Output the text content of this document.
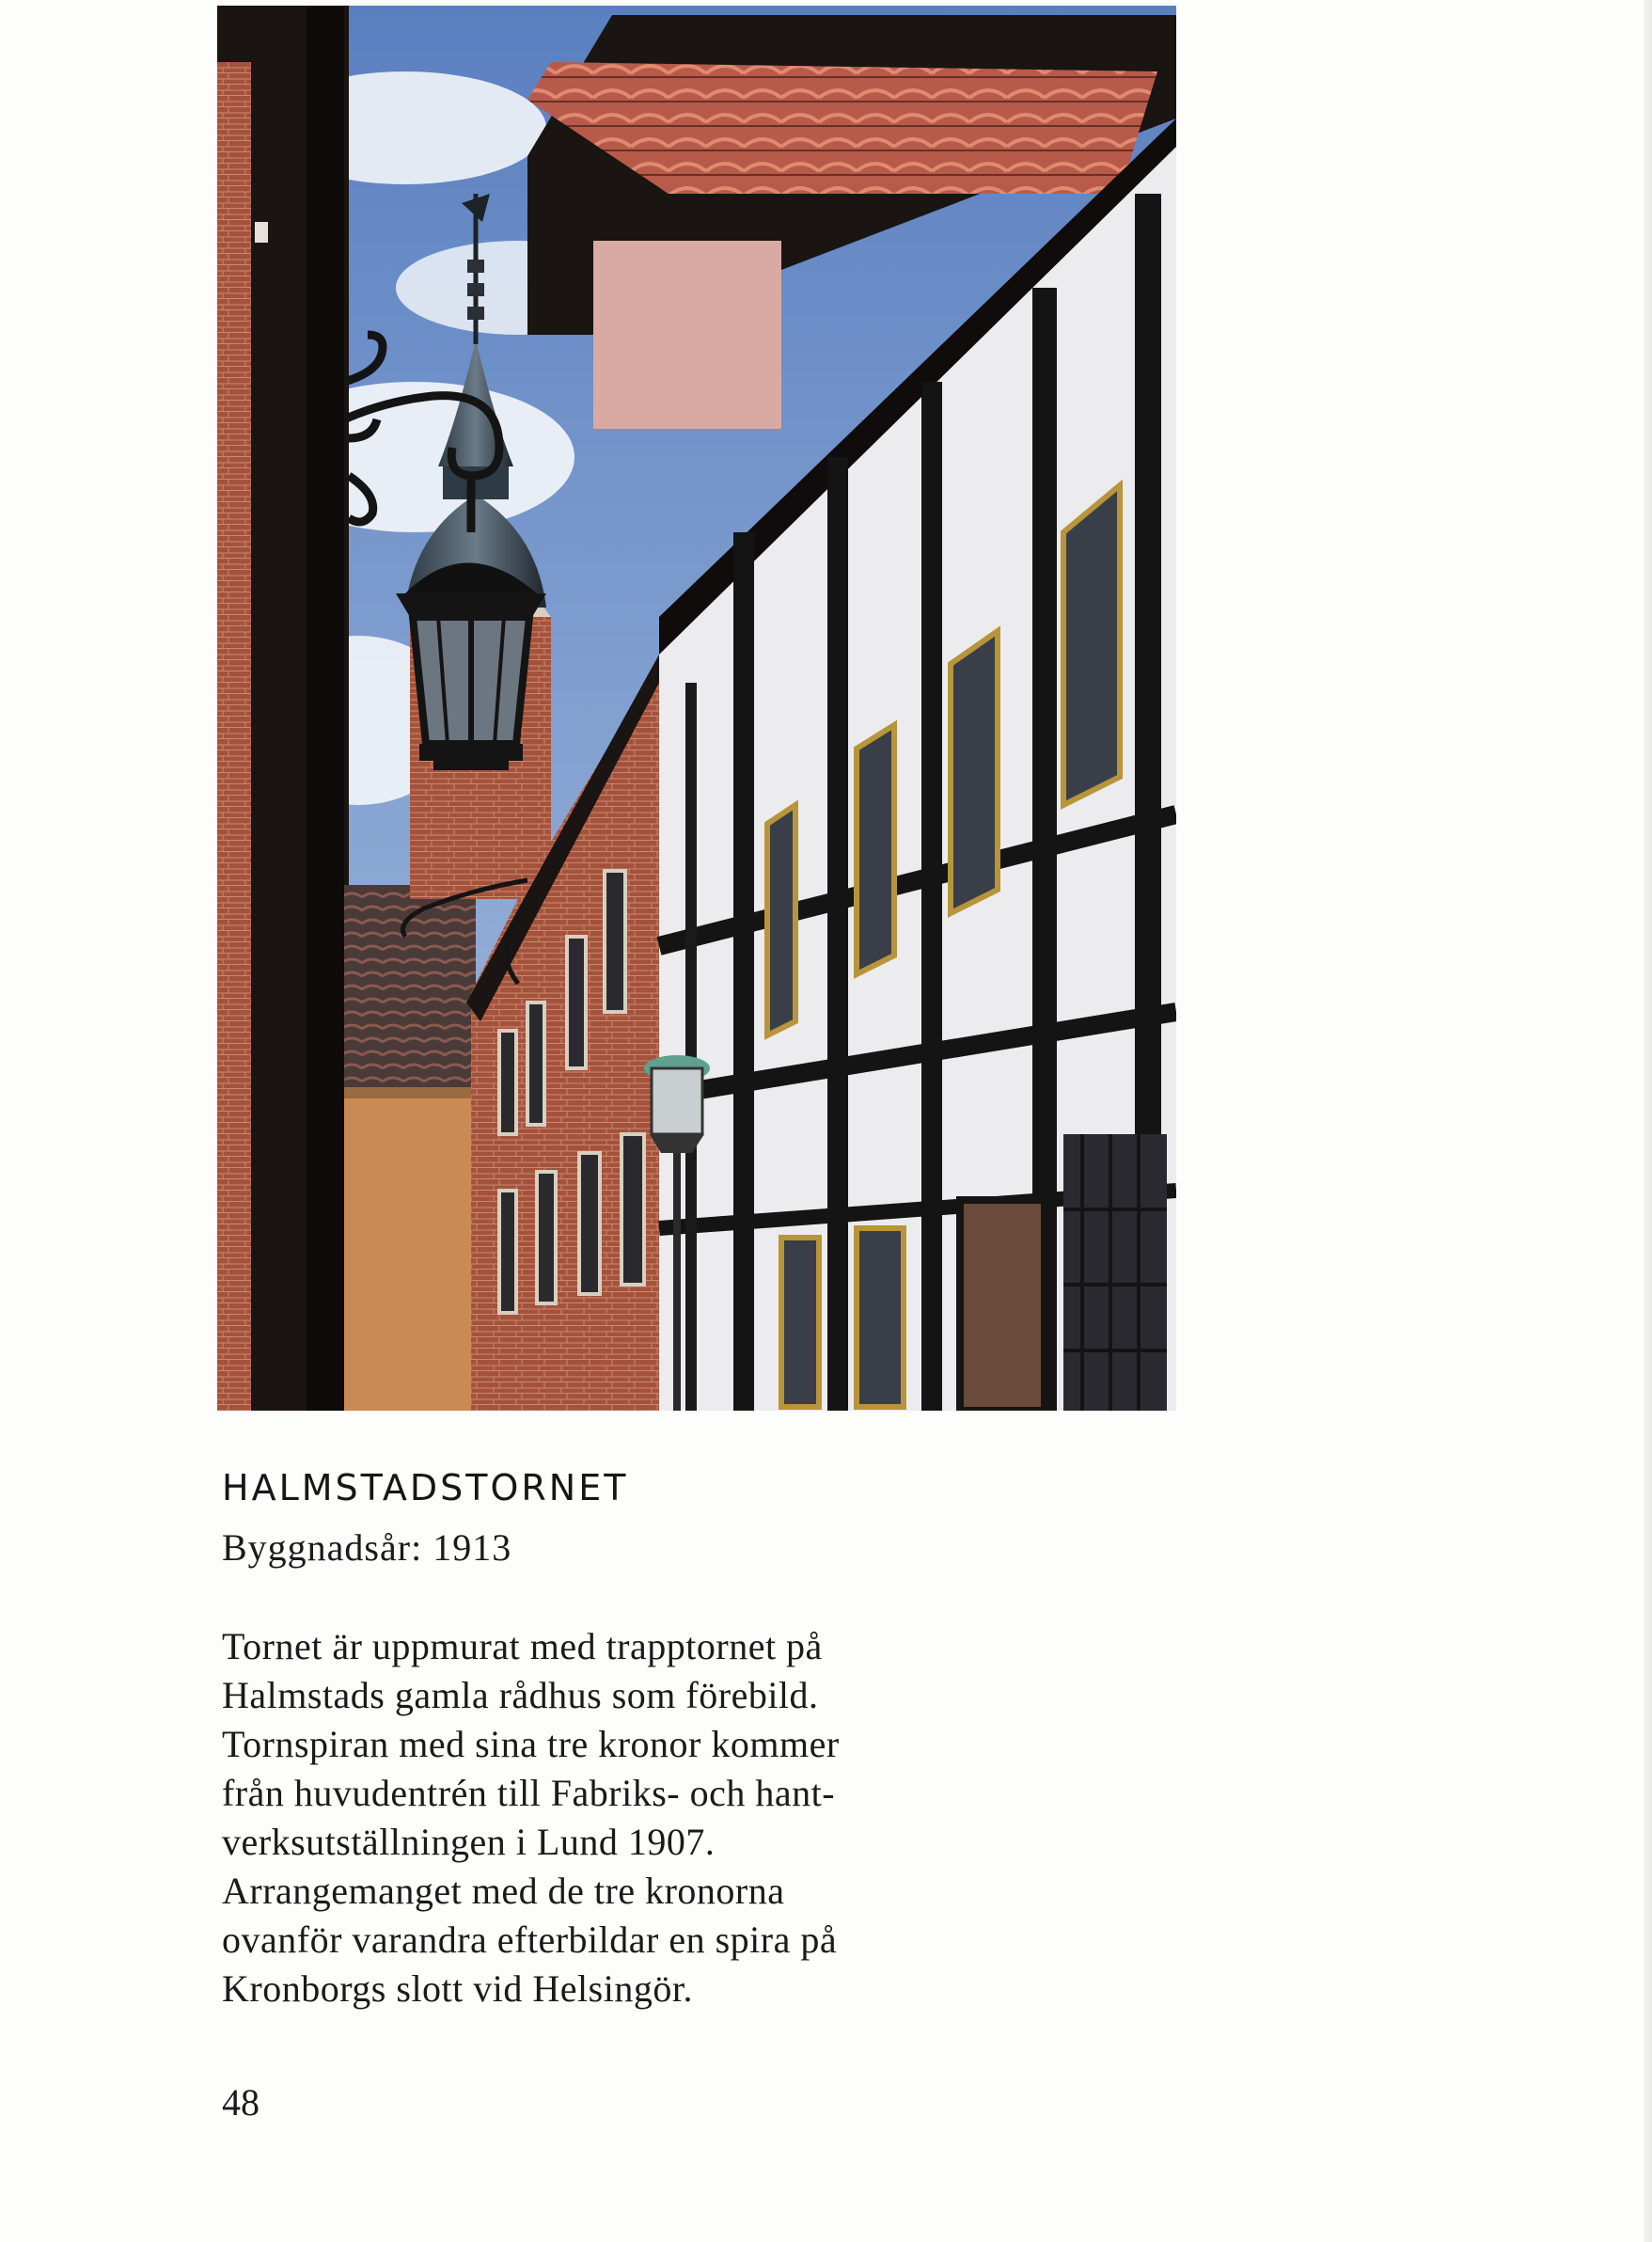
HALMSTADSTORNET

Byggnadsår: 1913

Tornet är uppmurat med trapptornet på
Halmstads gamla rådhus som förebild.
Tornspiran med sina tre kronor kommer
från huvudentrén till Fabriks- och hant-
verksutställningen i Lund 1907.
Arrangemanget med de tre kronorna
ovanför varandra efterbildar en spira på
Kronborgs slott vid Helsingör.

48
